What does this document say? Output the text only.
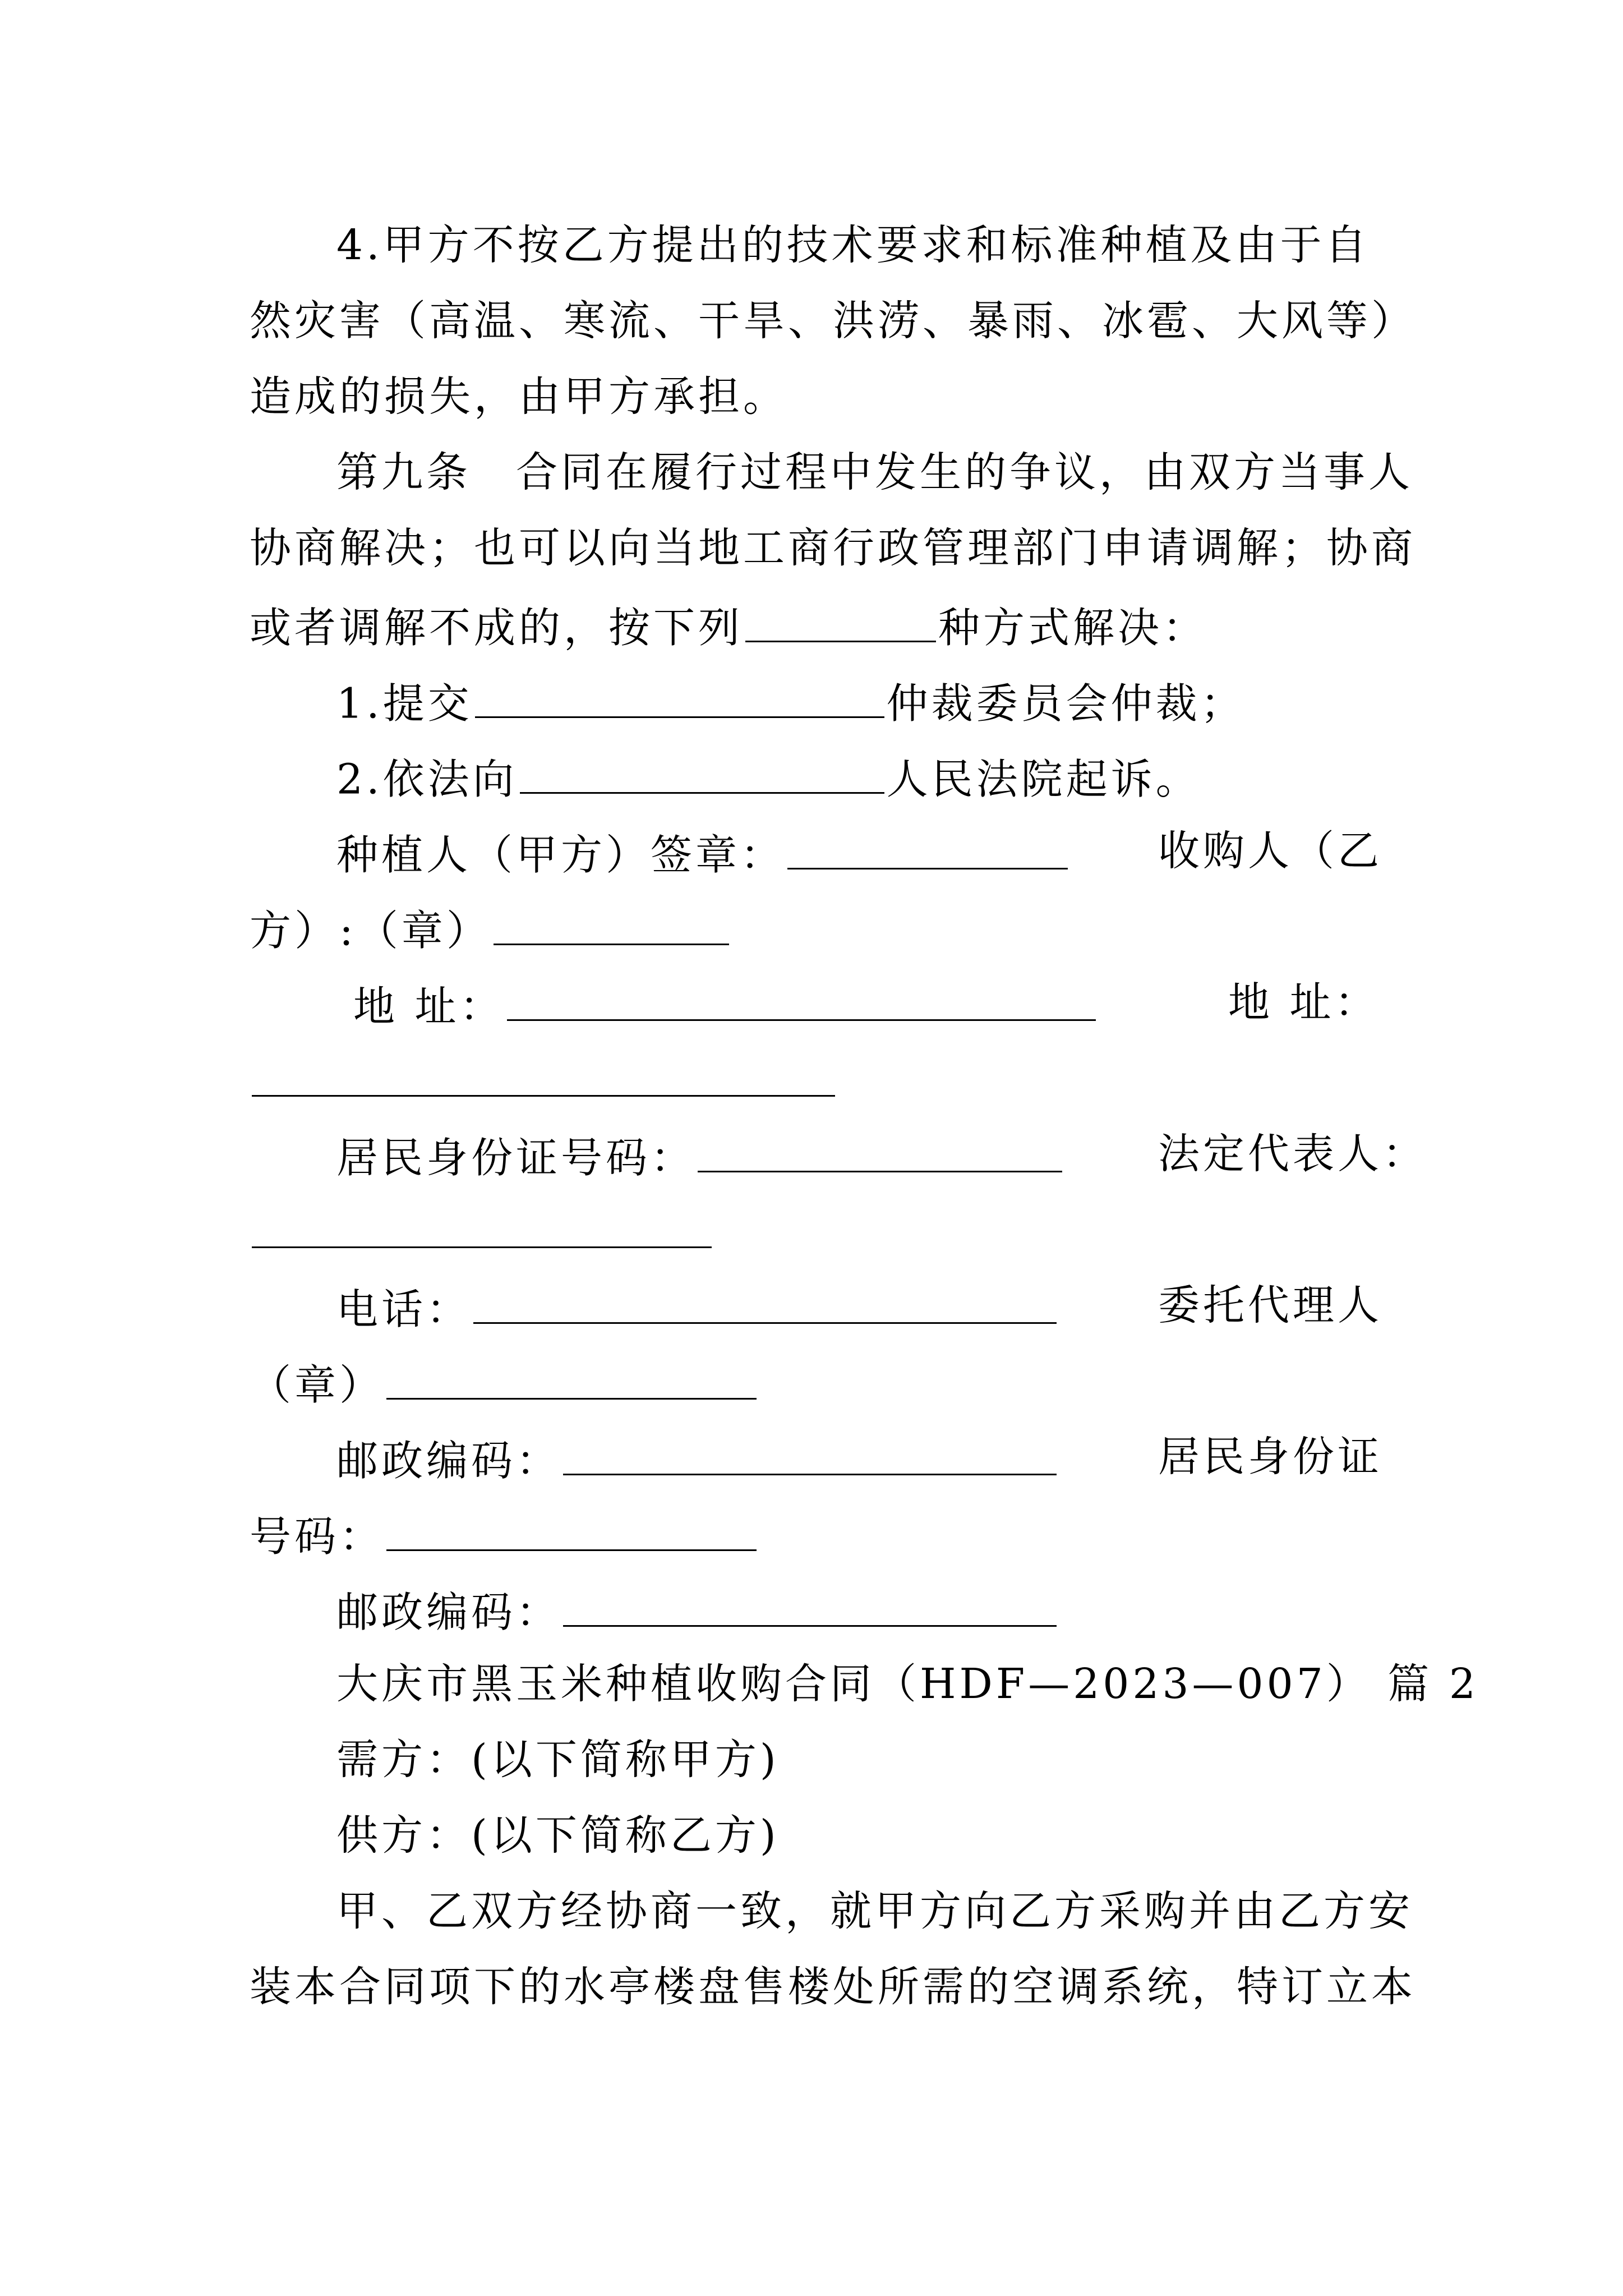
4.甲方不按乙方提出的技术要求和标准种植及由于自
然灾害（高温、寒流、干旱、洪涝、暴雨、冰雹、大风等）
造成的损失，由甲方承担。
第九条　合同在履行过程中发生的争议，由双方当事人
协商解决；也可以向当地工商行政管理部门申请调解；协商
或者调解不成的，按下列	种方式解决：
1.提交	仲裁委员会仲裁；
2.依法向	人民法院起诉。
种植人（甲方）签章：	收购人（乙
方）:（章）
地 址：	地 址：
居民身份证号码：	法定代表人：
电话：	委托代理人
（章）
邮政编码：	居民身份证
号码：
邮政编码：
大庆市黑玉米种植收购合同（HDF—2023—007） 篇 2
需方：(以下简称甲方)
供方：(以下简称乙方)
甲、乙双方经协商一致，就甲方向乙方采购并由乙方安
装本合同项下的水亭楼盘售楼处所需的空调系统，特订立本
